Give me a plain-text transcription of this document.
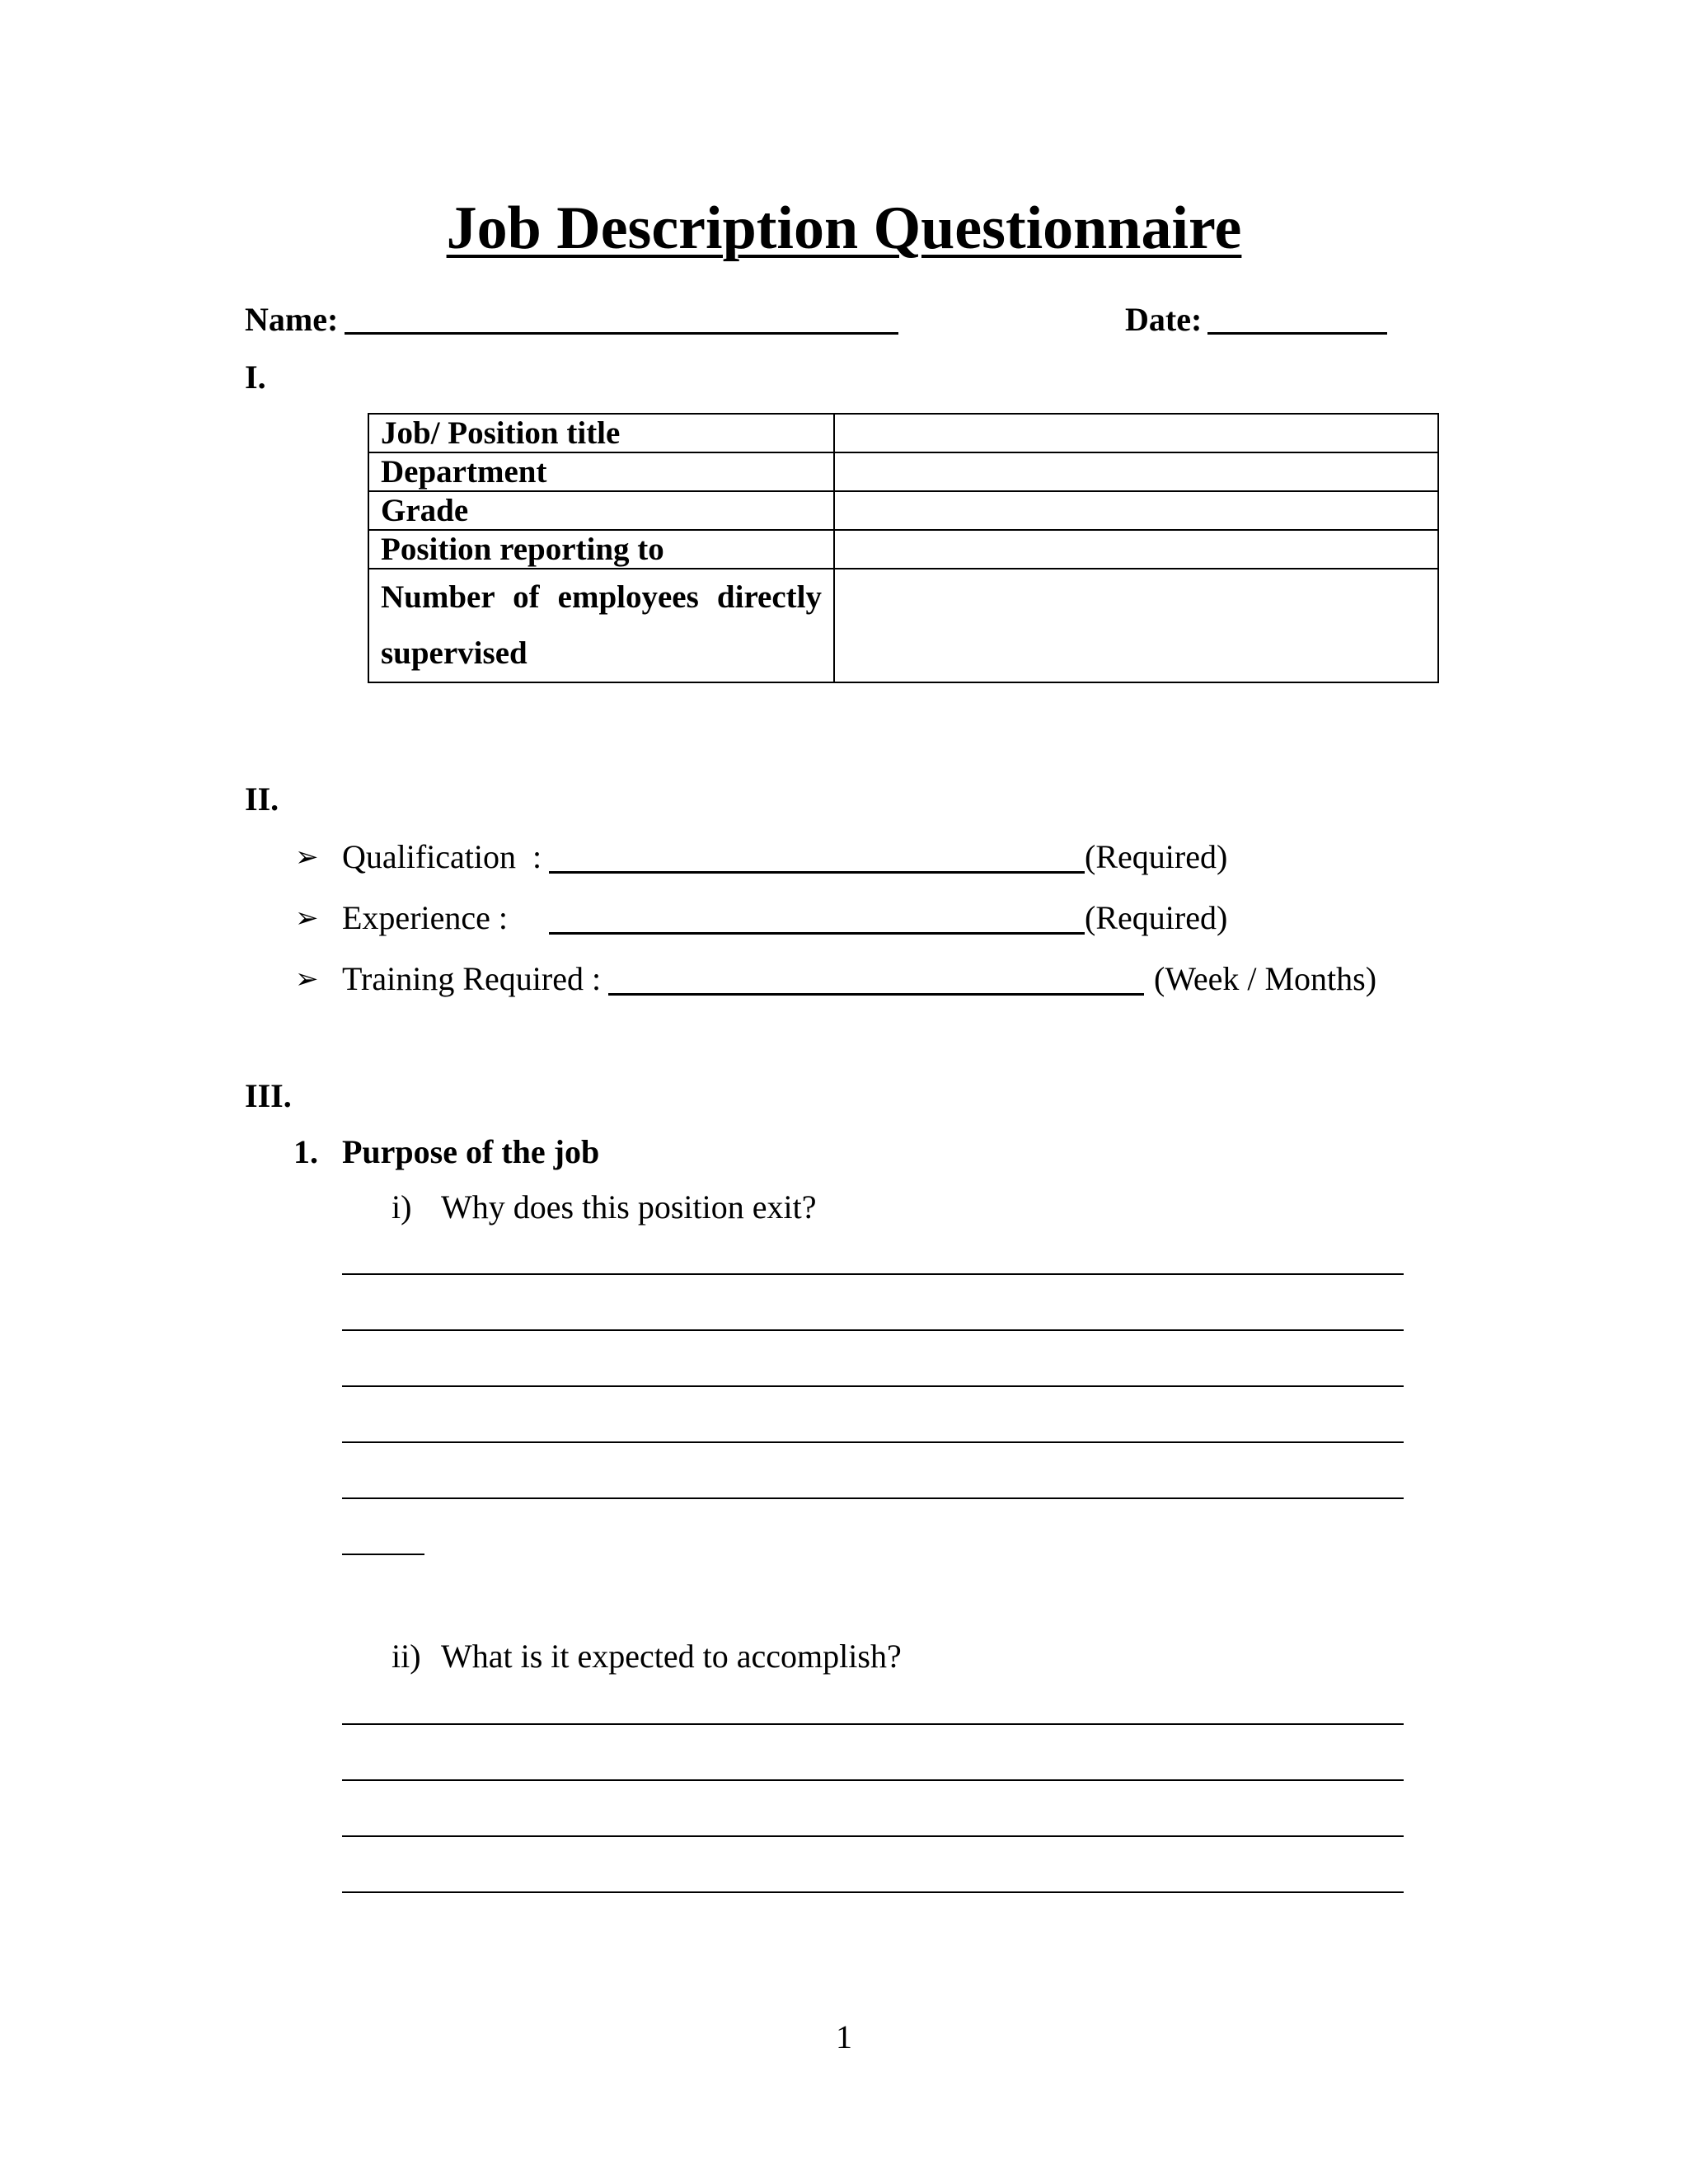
Job Description Questionnaire
Name:	Date:
I.
Job/ Position title	
Department	
Grade	
Position reporting to	
Number of employees directly supervised	
II.
➢ Qualification  :	(Required)
➢ Experience :	(Required)
➢ Training Required :	(Week / Months)
III.
1. Purpose of the job
i) Why does this position exit?
ii) What is it expected to accomplish?
1
